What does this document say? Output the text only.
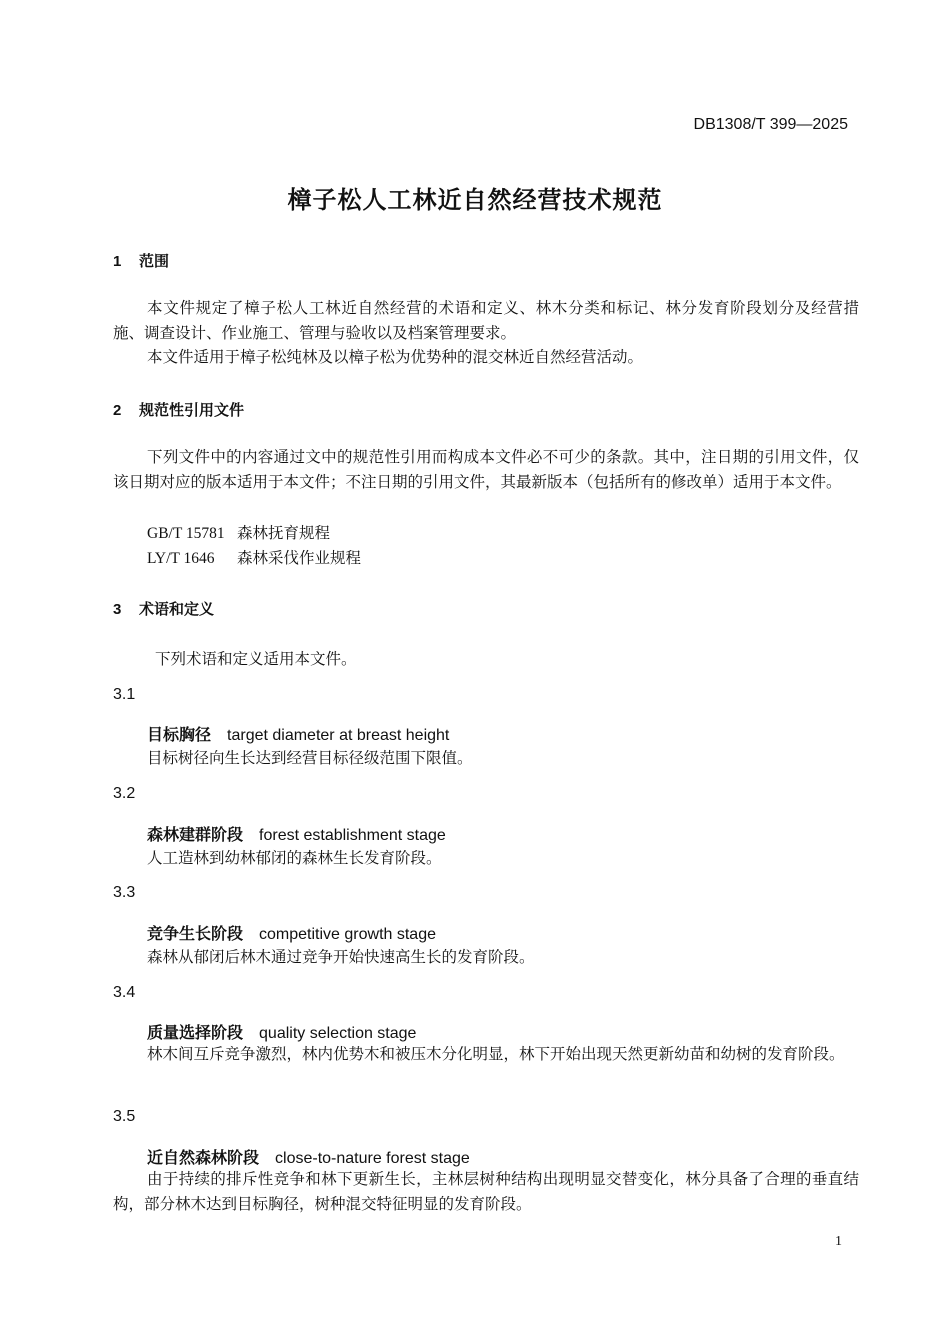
DB1308/T 399—2025
樟子松人工林近自然经营技术规范
1 范围
本文件规定了樟子松人工林近自然经营的术语和定义、林木分类和标记、林分发育阶段划分及经营措施、调查设计、作业施工、管理与验收以及档案管理要求。
本文件适用于樟子松纯林及以樟子松为优势种的混交林近自然经营活动。
2 规范性引用文件
下列文件中的内容通过文中的规范性引用而构成本文件必不可少的条款。其中，注日期的引用文件，仅该日期对应的版本适用于本文件；不注日期的引用文件，其最新版本（包括所有的修改单）适用于本文件。
GB/T 15781 森林抚育规程
LY/T 1646 森林采伐作业规程
3 术语和定义
下列术语和定义适用本文件。
3.1
目标胸径 target diameter at breast height
目标树径向生长达到经营目标径级范围下限值。
3.2
森林建群阶段 forest establishment stage
人工造林到幼林郁闭的森林生长发育阶段。
3.3
竞争生长阶段 competitive growth stage
森林从郁闭后林木通过竞争开始快速高生长的发育阶段。
3.4
质量选择阶段 quality selection stage
林木间互斥竞争激烈，林内优势木和被压木分化明显，林下开始出现天然更新幼苗和幼树的发育阶段。
3.5
近自然森林阶段 close-to-nature forest stage
由于持续的排斥性竞争和林下更新生长，主林层树种结构出现明显交替变化，林分具备了合理的垂直结构，部分林木达到目标胸径，树种混交特征明显的发育阶段。
1
